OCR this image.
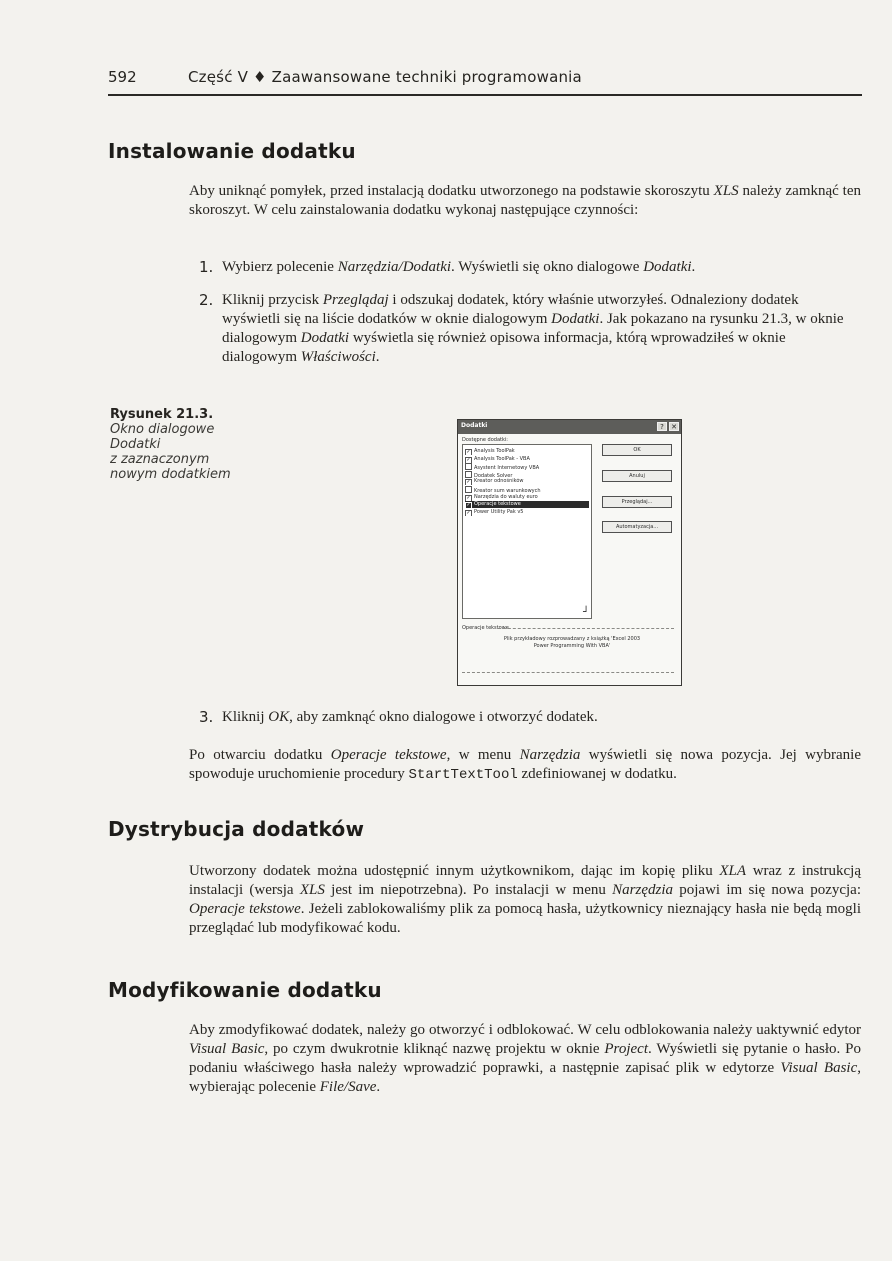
592	Część V ♦ Zaawansowane techniki programowania
Instalowanie dodatku

Aby uniknąć pomyłek, przed instalacją dodatku utworzonego na podstawie skoroszytu XLS należy zamknąć ten skoroszyt. W celu zainstalowania dodatku wykonaj następujące czynności:

1. Wybierz polecenie Narzędzia/Dodatki. Wyświetli się okno dialogowe Dodatki.
2. Kliknij przycisk Przeglądaj i odszukaj dodatek, który właśnie utworzyłeś. Odnaleziony dodatek wyświetli się na liście dodatków w oknie dialogowym Dodatki. Jak pokazano na rysunku 21.3, w oknie dialogowym Dodatki wyświetla się również opisowa informacja, którą wprowadziłeś w oknie dialogowym Właściwości.
Rysunek 21.3.
Okno dialogowe
Dodatki
z zaznaczonym
nowym dodatkiem
Dodatki	?	✕
Dostępne dodatki:
┘
✓ Analysis ToolPak
✓ Analysis ToolPak - VBA
Asystent Internetowy VBA
Dodatek Solver
✓ Kreator odnośników
Kreator sum warunkowych
✓ Narzędzia do waluty euro
✓ Operacje tekstowe
✓ Power Utility Pak v5
OK
Anuluj
Przeglądaj...
Automatyzacja...
Operacje tekstowe
Plik przykładowy rozprowadzany z książką 'Excel 2003
Power Programming With VBA'
3. Kliknij OK, aby zamknąć okno dialogowe i otworzyć dodatek.

Po otwarciu dodatku Operacje tekstowe, w menu Narzędzia wyświetli się nowa pozycja. Jej wybranie spowoduje uruchomienie procedury StartTextTool zdefiniowanej w dodatku.

Dystrybucja dodatków

Utworzony dodatek można udostępnić innym użytkownikom, dając im kopię pliku XLA wraz z instrukcją instalacji (wersja XLS jest im niepotrzebna). Po instalacji w menu Narzędzia pojawi im się nowa pozycja: Operacje tekstowe. Jeżeli zablokowaliśmy plik za pomocą hasła, użytkownicy nieznający hasła nie będą mogli przeglądać lub modyfikować kodu.

Modyfikowanie dodatku

Aby zmodyfikować dodatek, należy go otworzyć i odblokować. W celu odblokowania należy uaktywnić edytor Visual Basic, po czym dwukrotnie kliknąć nazwę projektu w oknie Project. Wyświetli się pytanie o hasło. Po podaniu właściwego hasła należy wprowadzić poprawki, a następnie zapisać plik w edytorze Visual Basic, wybierając polecenie File/Save.
